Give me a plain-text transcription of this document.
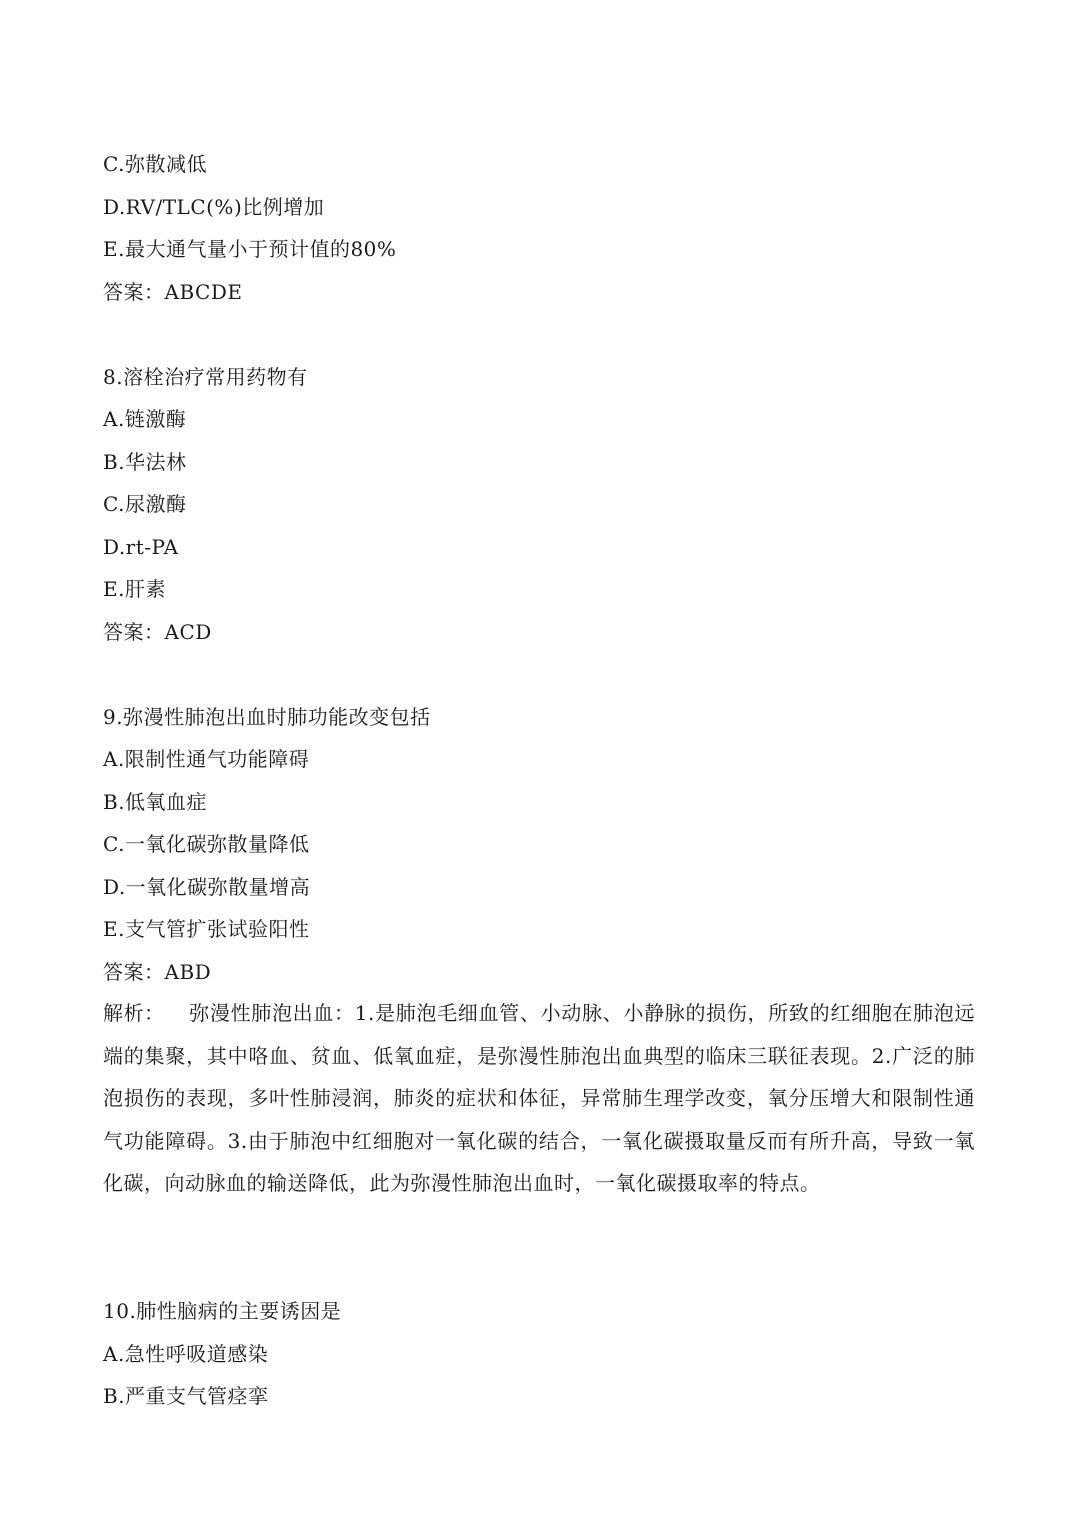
C.弥散减低
D.RV/TLC(%)比例增加
E.最大通气量小于预计值的80%
答案：ABCDE
8.溶栓治疗常用药物有
A.链激酶
B.华法林
C.尿激酶
D.rt-PA
E.肝素
答案：ACD
9.弥漫性肺泡出血时肺功能改变包括
A.限制性通气功能障碍
B.低氧血症
C.一氧化碳弥散量降低
D.一氧化碳弥散量增高
E.支气管扩张试验阳性
答案：ABD
解析： 弥漫性肺泡出血：1.是肺泡毛细血管、小动脉、小静脉的损伤，所致的红细胞在肺泡远端的集聚，其中咯血、贫血、低氧血症，是弥漫性肺泡出血典型的临床三联征表现。2.广泛的肺泡损伤的表现，多叶性肺浸润，肺炎的症状和体征，异常肺生理学改变，氧分压增大和限制性通气功能障碍。3.由于肺泡中红细胞对一氧化碳的结合，一氧化碳摄取量反而有所升高，导致一氧化碳，向动脉血的输送降低，此为弥漫性肺泡出血时，一氧化碳摄取率的特点。
10.肺性脑病的主要诱因是
A.急性呼吸道感染
B.严重支气管痉挛
